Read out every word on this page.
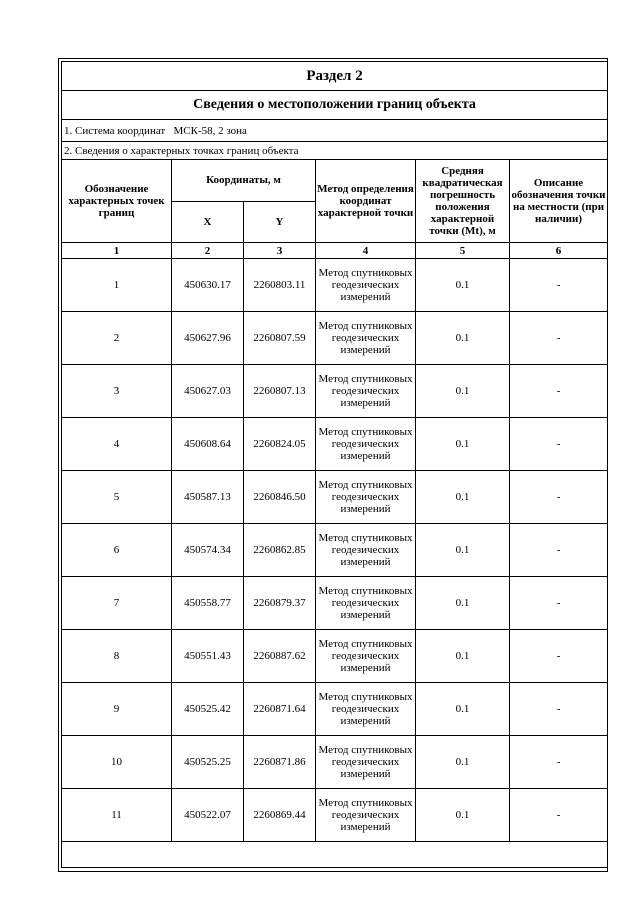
Раздел 2					
Сведения о местоположении границ объекта					
1. Система координат МСК-58, 2 зона					
2. Сведения о характерных точках границ объекта					
Обозначение характерных точек границ	Координаты, м		Метод определения координат характерной точки	Средняя квадратическая погрешность положения характерной точки (Mt), м	Описание обозначения точки на местности (при наличии)
	X	Y			
1	2	3	4	5	6
1	450630.17	2260803.11	Метод спутниковых геодезических измерений	0.1	-
2	450627.96	2260807.59	Метод спутниковых геодезических измерений	0.1	-
3	450627.03	2260807.13	Метод спутниковых геодезических измерений	0.1	-
4	450608.64	2260824.05	Метод спутниковых геодезических измерений	0.1	-
5	450587.13	2260846.50	Метод спутниковых геодезических измерений	0.1	-
6	450574.34	2260862.85	Метод спутниковых геодезических измерений	0.1	-
7	450558.77	2260879.37	Метод спутниковых геодезических измерений	0.1	-
8	450551.43	2260887.62	Метод спутниковых геодезических измерений	0.1	-
9	450525.42	2260871.64	Метод спутниковых геодезических измерений	0.1	-
10	450525.25	2260871.86	Метод спутниковых геодезических измерений	0.1	-
11	450522.07	2260869.44	Метод спутниковых геодезических измерений	0.1	-
